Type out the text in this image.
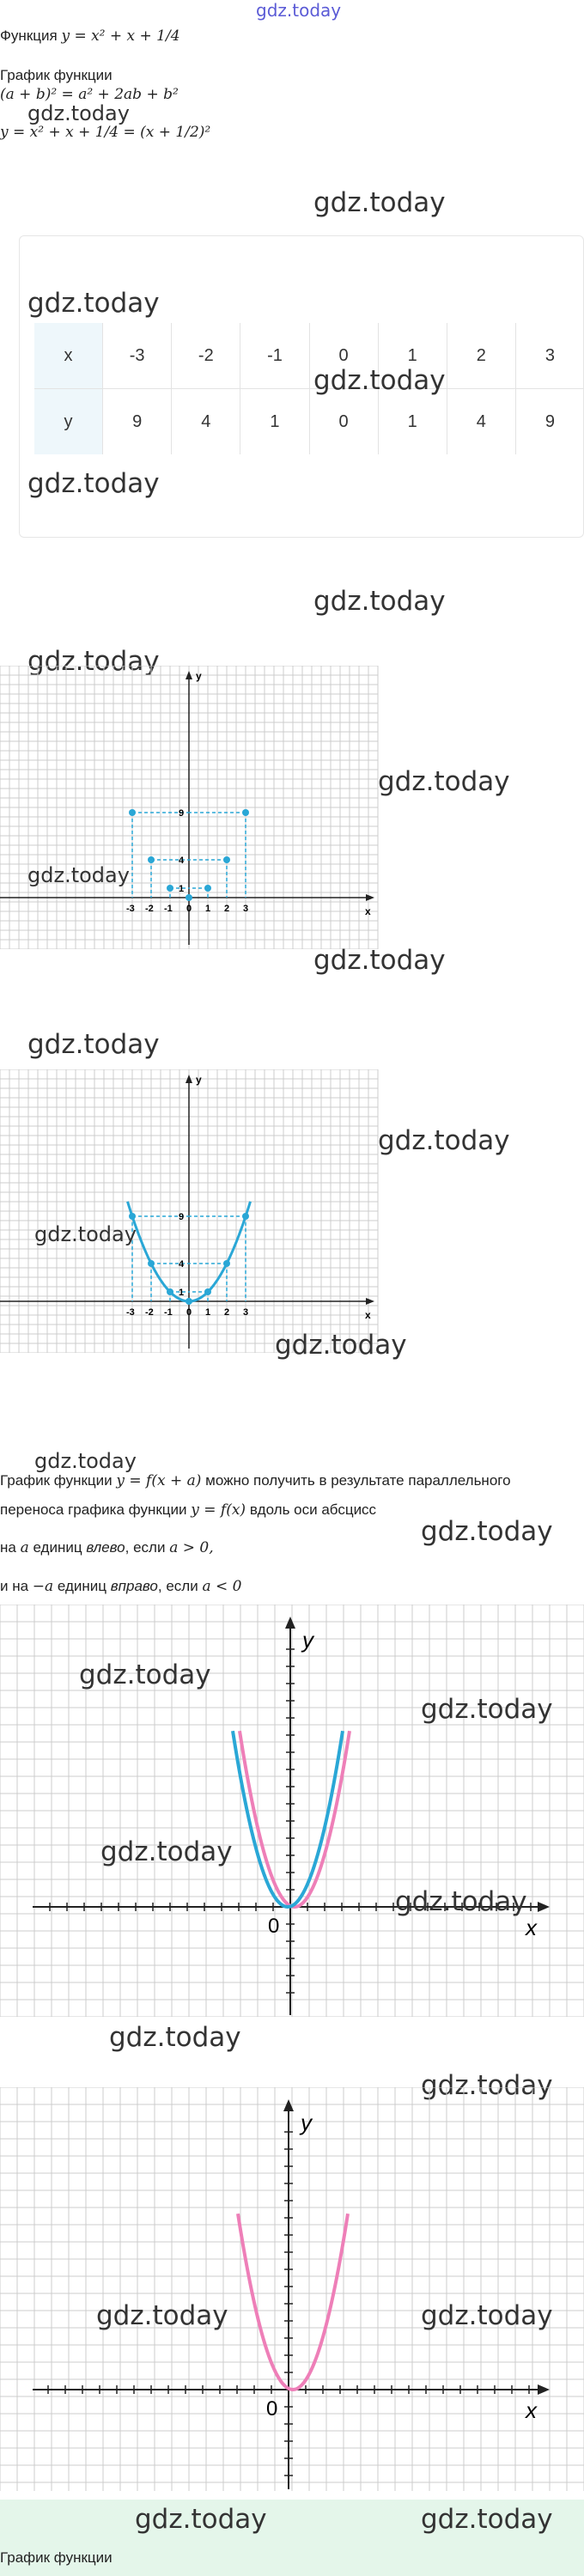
gdz.today
Функция y = x² + x + 1/4
График функции
(a + b)² = a² + 2ab + b²
y = x² + x + 1/4 = (x + 1/2)²
gdz.today
gdz.today
gdz.today
x	-3	-2	-1	0	1	2	3
y	9	4	1	0	1	4	9
gdz.today
gdz.today
gdz.today
gdz.today
x
y
-3 -2 -1 0 1 2 3
1
4
9
gdz.today
gdz.today
gdz.today
gdz.today
x
y
-3 -2 -1 0 1 2 3
1
4
9
gdz.today
gdz.today
gdz.today
gdz.today
График функции y = f(x + a) можно получить в результате параллельного
переноса графика функции y = f(x) вдоль оси абсцисс
gdz.today
на a единиц влево, если a > 0,
и на −a единиц вправо, если a < 0
x
y
0
gdz.today
gdz.today
gdz.today
gdz.today
gdz.today
gdz.today
x
y
0
gdz.today	gdz.today
gdz.today	gdz.today
График функции
